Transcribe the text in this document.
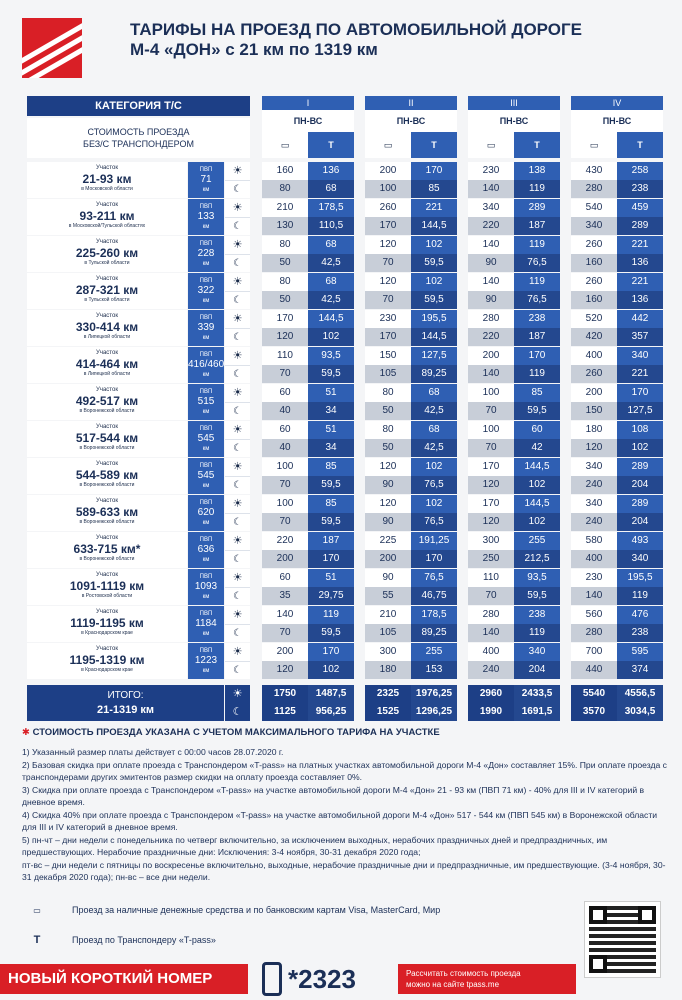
ТАРИФЫ НА ПРОЕЗД ПО АВТОМОБИЛЬНОЙ ДОРОГЕ
М-4 «ДОН» с 21 км по 1319 км
КАТЕГОРИЯ Т/С
СТОИМОСТЬ ПРОЕЗДА
БЕЗ/С ТРАНСПОНДЕРОМ
I
ПН-ВС
▭	T
II
ПН-ВС
▭	T
III
ПН-ВС
▭	T
IV
ПН-ВС
▭	T
Участок
21-93 км
в Московской области
ПВП
71
км
☀
☾
160	136	200	170	230	138	430	258
80	68	100	85	140	119	280	238
Участок
93-211 км
в Московской/Тульской областях
ПВП
133
км
☀
☾
210	178,5	260	221	340	289	540	459
130	110,5	170	144,5	220	187	340	289
Участок
225-260 км
в Тульской области
ПВП
228
км
☀
☾
80	68	120	102	140	119	260	221
50	42,5	70	59,5	90	76,5	160	136
Участок
287-321 км
в Тульской области
ПВП
322
км
☀
☾
80	68	120	102	140	119	260	221
50	42,5	70	59,5	90	76,5	160	136
Участок
330-414 км
в Липецкой области
ПВП
339
км
☀
☾
170	144,5	230	195,5	280	238	520	442
120	102	170	144,5	220	187	420	357
Участок
414-464 км
в Липецкой области
ПВП
416/460
км
☀
☾
110	93,5	150	127,5	200	170	400	340
70	59,5	105	89,25	140	119	260	221
Участок
492-517 км
в Воронежской области
ПВП
515
км
☀
☾
60	51	80	68	100	85	200	170
40	34	50	42,5	70	59,5	150	127,5
Участок
517-544 км
в Воронежской области
ПВП
545
км
☀
☾
60	51	80	68	100	60	180	108
40	34	50	42,5	70	42	120	102
Участок
544-589 км
в Воронежской области
ПВП
545
км
☀
☾
100	85	120	102	170	144,5	340	289
70	59,5	90	76,5	120	102	240	204
Участок
589-633 км
в Воронежской области
ПВП
620
км
☀
☾
100	85	120	102	170	144,5	340	289
70	59,5	90	76,5	120	102	240	204
Участок
633-715 км*
в Воронежской области
ПВП
636
км
☀
☾
220	187	225	191,25	300	255	580	493
200	170	200	170	250	212,5	400	340
Участок
1091-1119 км
в Ростовской области
ПВП
1093
км
☀
☾
60	51	90	76,5	110	93,5	230	195,5
35	29,75	55	46,75	70	59,5	140	119
Участок
1119-1195 км
в Краснодарском крае
ПВП
1184
км
☀
☾
140	119	210	178,5	280	238	560	476
70	59,5	105	89,25	140	119	280	238
Участок
1195-1319 км
в Краснодарском крае
ПВП
1223
км
☀
☾
200	170	300	255	400	340	700	595
120	102	180	153	240	204	440	374
ИТОГО:
21-1319 км
☀
☾
1750	1487,5	2325	1976,25	2960	2433,5	5540	4556,5
1125	956,25	1525	1296,25	1990	1691,5	3570	3034,5
✱ СТОИМОСТЬ ПРОЕЗДА УКАЗАНА С УЧЕТОМ МАКСИМАЛЬНОГО ТАРИФА НА УЧАСТКЕ

1) Указанный размер платы действует с 00:00 часов 28.07.2020 г.

2) Базовая скидка при оплате проезда с Транспондером «T-pass» на платных участках автомобильной дороги М-4 «Дон» составляет 15%. При оплате проезда с транспондерами других эмитентов размер скидки на оплату проезда составляет 0%.

3) Скидка при оплате проезда с Транспондером «T-pass» на участке автомобильной дороги М-4 «Дон» 21 - 93 км (ПВП 71 км) - 40% для III и IV категорий в дневное время.

4) Скидка 40% при оплате проезда с Транспондером «T-pass» на участке автомобильной дороги М-4 «Дон» 517 - 544 км (ПВП 545 км) в Воронежской области для III и IV категорий в дневное время.

5) пн-чт – дни недели с понедельника по четверг включительно, за исключением выходных, нерабочих праздничных дней и предпраздничных, им предшествующих. Нерабочие праздничные дни: Исключения: 3-4 ноября, 30-31 декабря 2020 года;

пт-вс – дни недели с пятницы по воскресенье включительно, выходные, нерабочие праздничные дни и предпраздничные, им предшествующие. (3-4 ноября, 30-31 декабря 2020 года); пн-вс – все дни недели.

▭	Проезд за наличные денежные средства и по банковским картам Visa, MasterCard, Мир
T	Проезд по Транспондеру «T-pass»
НОВЫЙ КОРОТКИЙ НОМЕР	*2323	Рассчитать стоимость проезда
можно на сайте tpass.me
